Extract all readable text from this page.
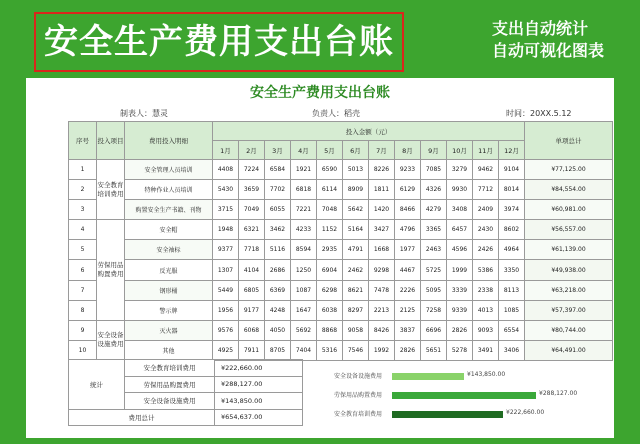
安全生产费用支出台账	支出自动统计
自动可视化图表
安全生产费用支出台账
制表人：慧灵	负责人：稻壳	时间：20XX.5.12
序号	投入项目	费用投入明细	投入金额（元）												单项总计
			1月	2月	3月	4月	5月	6月	7月	8月	9月	10月	11月	12月	
1	安全教育培训费用	安全管理人员培训	4408	7224	6584	1921	6590	5013	8226	9233	7085	3279	9462	9104	¥77,125.00
2		特种作业人员培训	5430	3659	7702	6818	6114	8909	1811	6129	4326	9930	7712	8014	¥84,554.00
3		购置安全生产书籍、刊物	3715	7049	6055	7221	7048	5642	1420	8466	4279	3408	2409	3974	¥60,981.00
4	劳保用品购置费用	安全帽	1948	6321	3462	4233	1152	5164	3427	4796	3365	6457	2430	8602	¥56,557.00
5		安全袖标	9377	7718	5116	8594	2935	4791	1668	1977	2463	4596	2426	4964	¥61,139.00
6		反光服	1307	4104	2686	1250	6904	2462	9298	4467	5725	1999	5386	3350	¥49,938.00
7		钢形桶	5449	6805	6369	1087	6298	8621	7478	2226	5095	3339	2338	8113	¥63,218.00
8		警示牌	1956	9177	4248	1647	6038	8297	2213	2125	7258	9339	4013	1085	¥57,397.00
9	安全设备设施费用	灭火器	9576	6068	4050	5692	8868	9058	8426	3837	6696	2826	9093	6554	¥80,744.00
10		其他	4925	7911	8705	7404	5316	7546	1992	2826	5651	5278	3491	3406	¥64,491.00
统计	安全教育培训费用	¥222,660.00
	劳保用品购置费用	¥288,127.00
	安全设备设施费用	¥143,850.00
费用总计		¥654,637.00
安全设备设施费用	¥143,850.00
劳保用品购置费用	¥288,127.00
安全教育培训费用	¥222,660.00
